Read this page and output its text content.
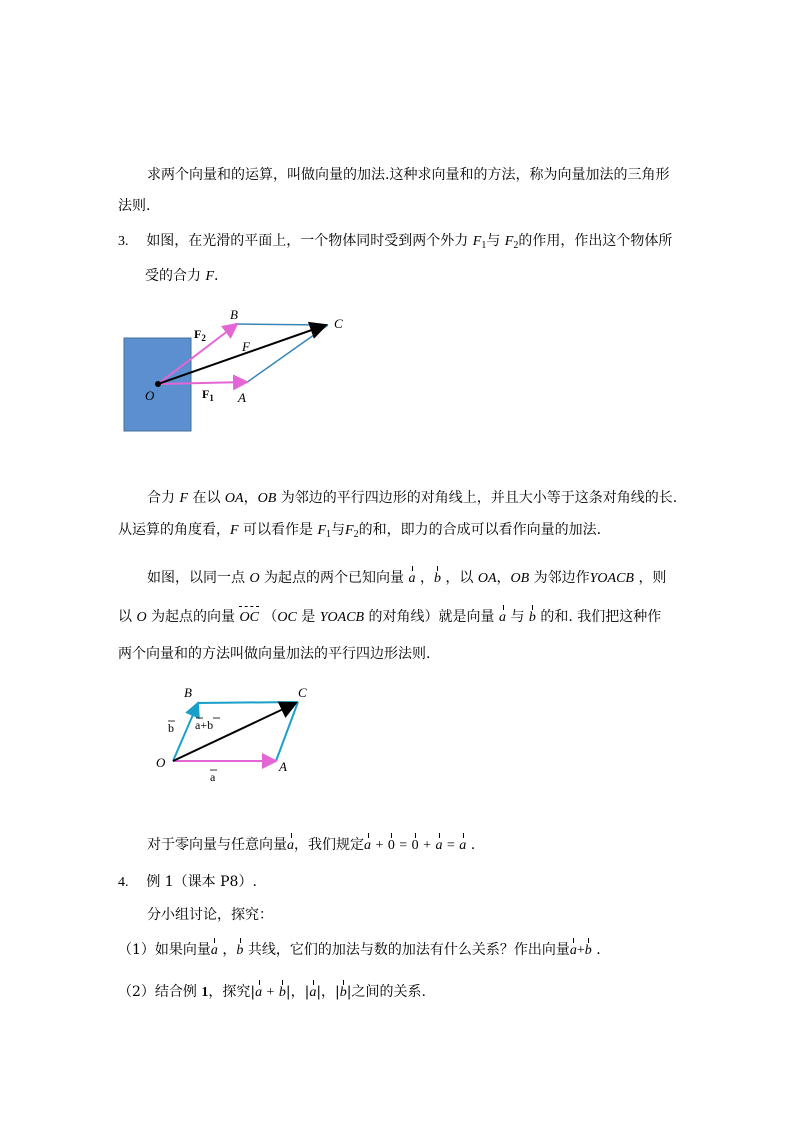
求两个向量和的运算，叫做向量的加法.这种求向量和的方法，称为向量加法的三角形
法则.
3. 如图，在光滑的平面上，一个物体同时受到两个外力 $F_1$与 $F_2$的作用，作出这个物体所
受的合力 F.
B
C
F
O	A
$F_2$
$F_1$
合力 F 在以 OA，OB 为邻边的平行四边形的对角线上，并且大小等于这条对角线的长.
从运算的角度看，F 可以看作是 $F_1$与$F_2$的和，即力的合成可以看作向量的加法.
如图，以同一点 O 为起点的两个已知向量 a ，b ，以 OA，OB 为邻边作YOACB ，则
以 O 为起点的向量 OC （OC 是 YOACB 的对角线）就是向量 a 与 b 的和. 我们把这种作
两个向量和的方法叫做向量加法的平行四边形法则.
B	C
O	A
b a+b
a
对于零向量与任意向量a，我们规定a + 0 = 0 + a = a .
4. 例 1（课本 P8）.
分小组讨论，探究：
（1）如果向量a ，b 共线，它们的加法与数的加法有什么关系？作出向量a+b .
（2）结合例 1，探究|a + b|，|a|，|b|之间的关系.
